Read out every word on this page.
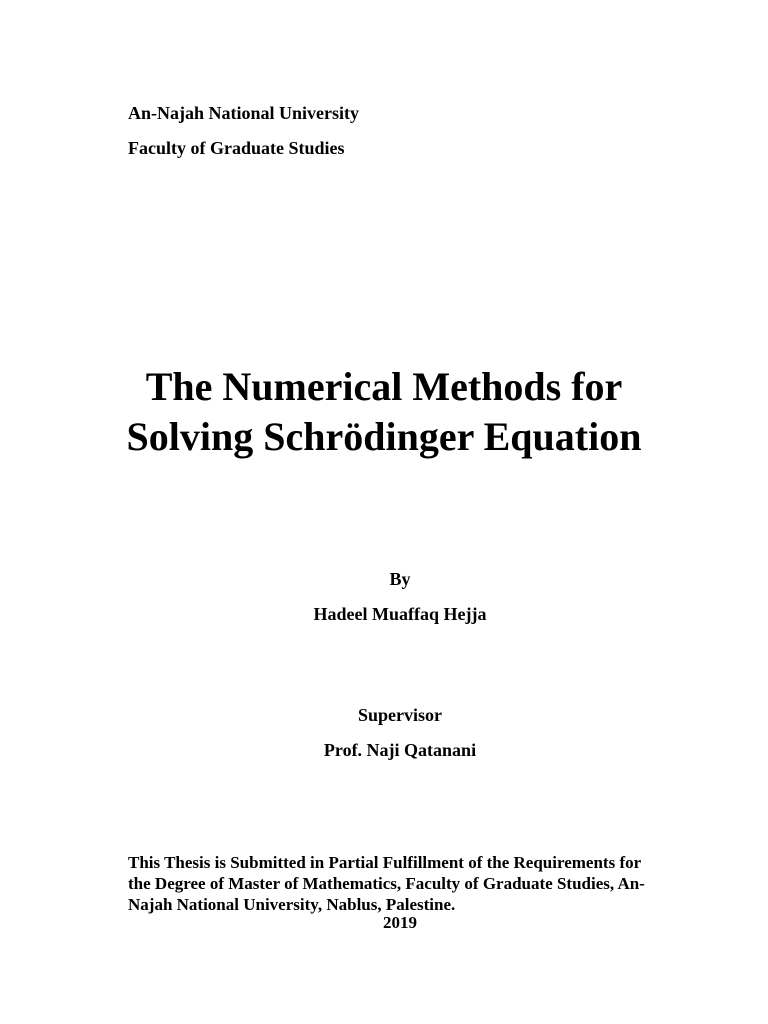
An-Najah National University
Faculty of Graduate Studies
The Numerical Methods for
Solving Schrödinger Equation
By
Hadeel Muaffaq Hejja
Supervisor
Prof. Naji Qatanani
This Thesis is Submitted in Partial Fulfillment of the Requirements for
the Degree of Master of Mathematics, Faculty of Graduate Studies, An-
Najah National University, Nablus, Palestine.
2019
